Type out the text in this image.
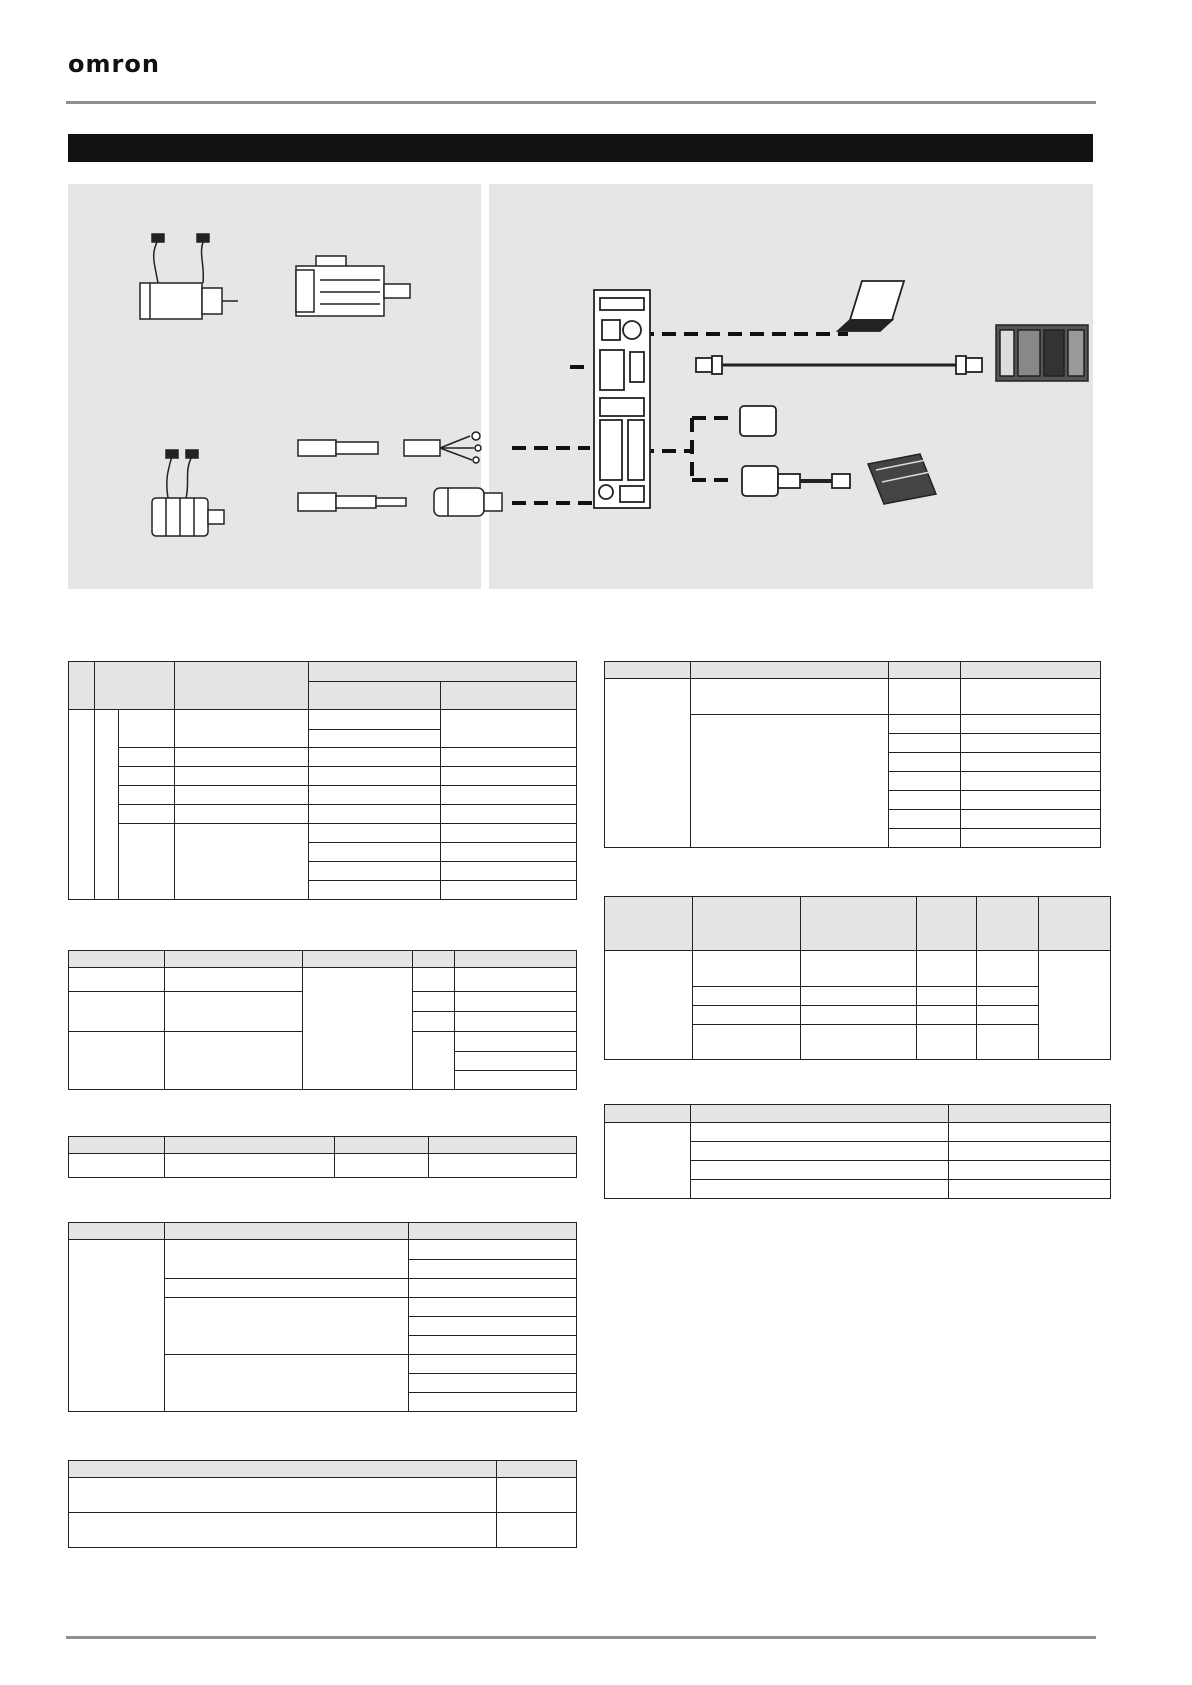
omron
